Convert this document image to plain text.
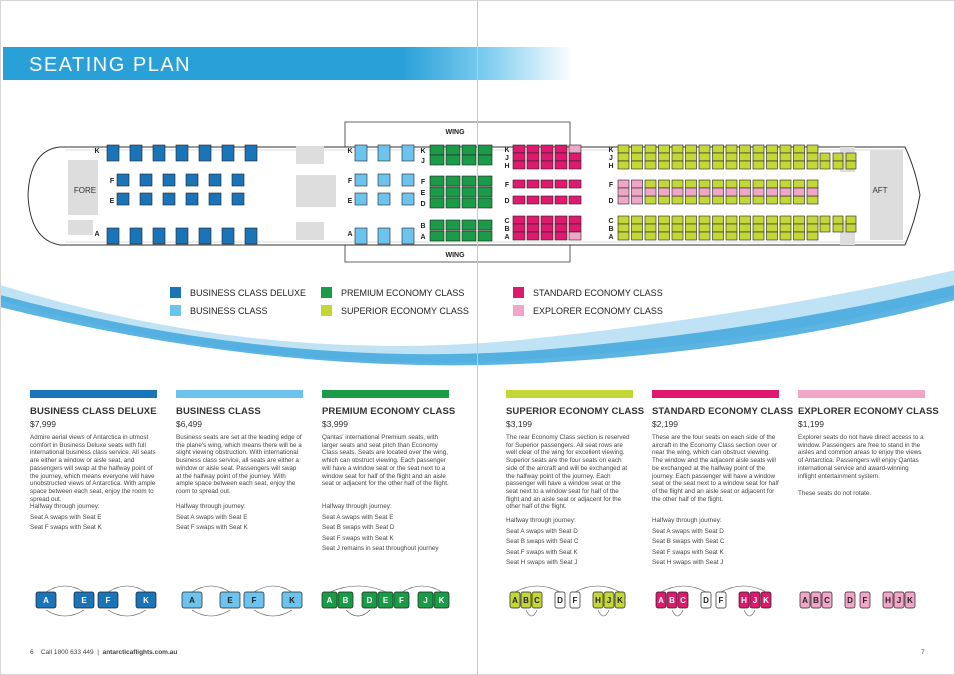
SEATING PLAN
WING
WING
FORE	AFT
K
F
E
A
K
F
E
A
K
J
F
E
D
B
A
K
J
H
F
D
C
B
A
K
J
H
F
D
C
B
A
BUSINESS CLASS DELUXE
BUSINESS CLASS
PREMIUM ECONOMY CLASS
SUPERIOR ECONOMY CLASS
STANDARD ECONOMY CLASS
EXPLORER ECONOMY CLASS
BUSINESS CLASS DELUXE
$7,999
Admire aerial views of Antarctica in utmost comfort in Business Deluxe seats with full international business class service. All seats are either a window or aisle seat, and passengers will swap at the halfway point of the journey, which means everyone will have unobstructed views of Antarctica. With ample space between each seat, enjoy the room to spread out.
Halfway through journey:
Seat A swaps with Seat E
Seat F swaps with Seat K
BUSINESS CLASS
$6,499
Business seats are set at the leading edge of the plane's wing, which means there will be a slight viewing obstruction. With international business class service, all seats are either a window or aisle seat. Passengers will swap at the halfway point of the journey. With ample space between each seat, enjoy the room to spread out.
Halfway through journey:
Seat A swaps with Seat E
Seat F swaps with Seat K
PREMIUM ECONOMY CLASS
$3,999
Qantas' international Premium seats, with larger seats and seat pitch than Economy Class seats. Seats are located over the wing, which can obstruct viewing. Each passenger will have a window seat or the seat next to a window seat for half of the flight and an aisle seat or adjacent for the other half of the flight.
Halfway through journey:
Seat A swaps with Seat E
Seat B swaps with Seat D
Seat F swaps with Seat K
Seat J remains in seat throughout journey
SUPERIOR ECONOMY CLASS
$3,199
The rear Economy Class section is reserved for Superior passengers. All seat rows are well clear of the wing for excellent viewing. Superior seats are the four seats on each side of the aircraft and will be exchanged at the halfway point of the journey. Each passenger will have a window seat or the seat next to a window seat for half of the flight and an aisle seat or adjacent for the other half of the flight.
Halfway through journey:
Seat A swaps with Seat D
Seat B swaps with Seat C
Seat F swaps with Seat K
Seat H swaps with Seat J
STANDARD ECONOMY CLASS
$2,199
These are the four seats on each side of the aircraft in the Economy Class section over or near the wing, which can obstruct viewing. The window and the adjacent aisle seats will be exchanged at the halfway point of the journey. Each passenger will have a window seat or the seat next to a window seat for half of the flight and an aisle seat or adjacent for the other half of the flight.
Halfway through journey:
Seat A swaps with Seat D
Seat B swaps with Seat C
Seat F swaps with Seat K
Seat H swaps with Seat J
EXPLORER ECONOMY CLASS
$1,199
Explorer seats do not have direct access to a window. Passengers are free to stand in the aisles and common areas to enjoy the views of Antarctica. Passengers will enjoy Qantas international service and award-winning inflight entertainment system.
These seats do not rotate.
A	E F	K	A	E F	K	A B D E F J K	A B C D F H J K	A B C D F H J K	A B C D F H J K
6 Call 1800 633 449 | antarcticaflights.com.au	7
